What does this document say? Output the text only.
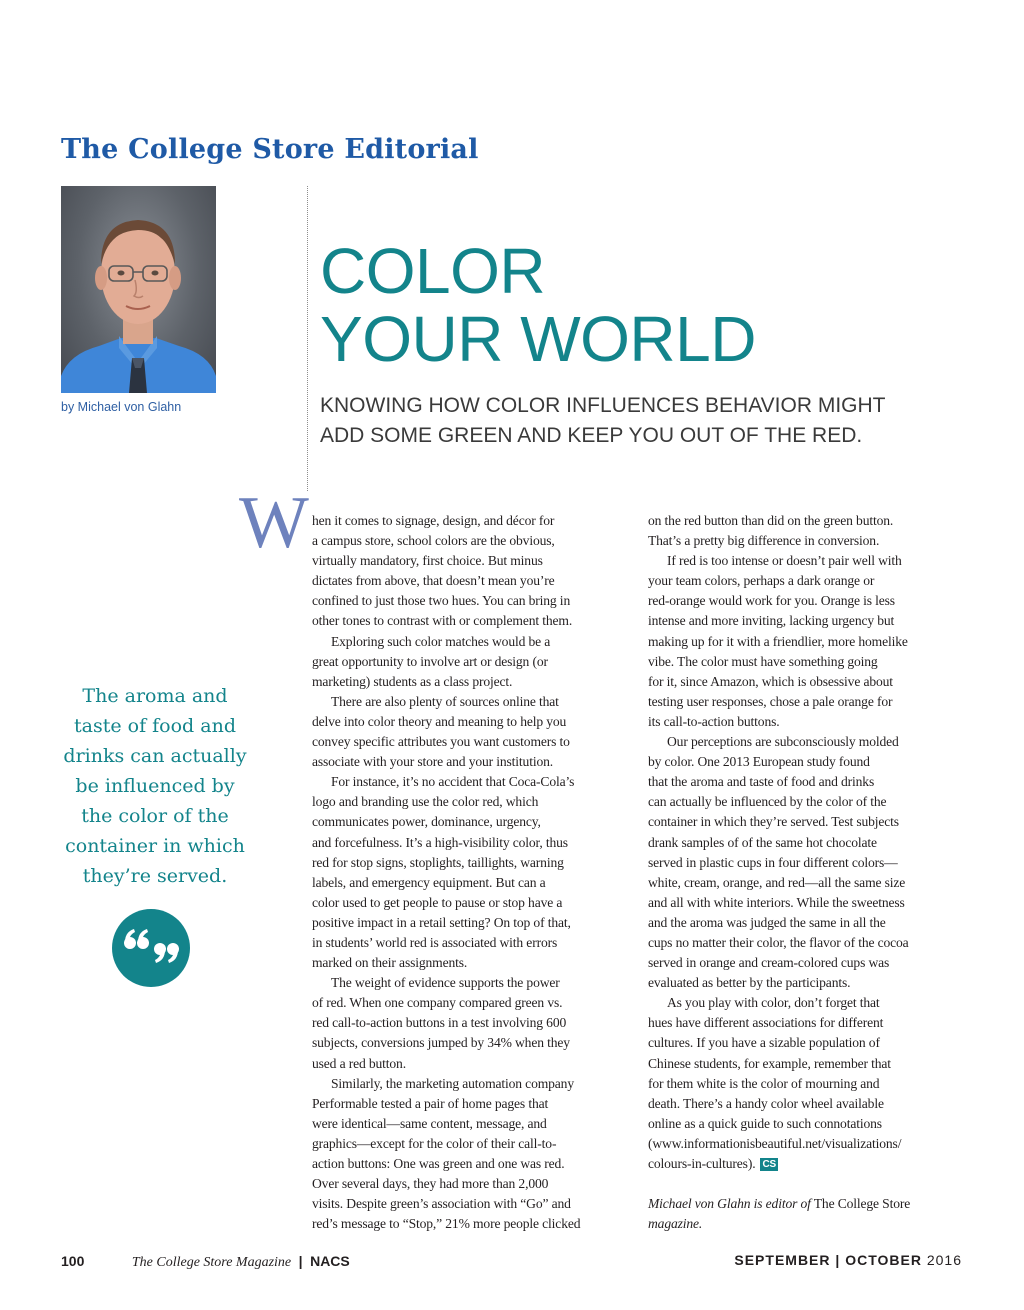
The College Store Editorial

by Michael von Glahn

COLOR
YOUR WORLD

KNOWING HOW COLOR INFLUENCES BEHAVIOR MIGHT
ADD SOME GREEN AND KEEP YOU OUT OF THE RED.

The aroma and
taste of food and
drinks can actually
be influenced by
the color of the
container in which
they’re served.
W hen it comes to signage, design, and décor for
a campus store, school colors are the obvious,
virtually mandatory, first choice. But minus
dictates from above, that doesn’t mean you’re
confined to just those two hues. You can bring in
other tones to contrast with or complement them.
Exploring such color matches would be a
great opportunity to involve art or design (or
marketing) students as a class project.
There are also plenty of sources online that
delve into color theory and meaning to help you
convey specific attributes you want customers to
associate with your store and your institution.
For instance, it’s no accident that Coca-Cola’s
logo and branding use the color red, which
communicates power, dominance, urgency,
and forcefulness. It’s a high-visibility color, thus
red for stop signs, stoplights, taillights, warning
labels, and emergency equipment. But can a
color used to get people to pause or stop have a
positive impact in a retail setting? On top of that,
in students’ world red is associated with errors
marked on their assignments.
The weight of evidence supports the power
of red. When one company compared green vs.
red call-to-action buttons in a test involving 600
subjects, conversions jumped by 34% when they
used a red button.
Similarly, the marketing automation company
Performable tested a pair of home pages that
were identical—same content, message, and
graphics—except for the color of their call-to-
action buttons: One was green and one was red.
Over several days, they had more than 2,000
visits. Despite green’s association with “Go” and
red’s message to “Stop,” 21% more people clicked
on the red button than did on the green button.
That’s a pretty big difference in conversion.
If red is too intense or doesn’t pair well with
your team colors, perhaps a dark orange or
red-orange would work for you. Orange is less
intense and more inviting, lacking urgency but
making up for it with a friendlier, more homelike
vibe. The color must have something going
for it, since Amazon, which is obsessive about
testing user responses, chose a pale orange for
its call-to-action buttons.
Our perceptions are subconsciously molded
by color. One 2013 European study found
that the aroma and taste of food and drinks
can actually be influenced by the color of the
container in which they’re served. Test subjects
drank samples of of the same hot chocolate
served in plastic cups in four different colors—
white, cream, orange, and red—all the same size
and all with white interiors. While the sweetness
and the aroma was judged the same in all the
cups no matter their color, the flavor of the cocoa
served in orange and cream-colored cups was
evaluated as better by the participants.
As you play with color, don’t forget that
hues have different associations for different
cultures. If you have a sizable population of
Chinese students, for example, remember that
for them white is the color of mourning and
death. There’s a handy color wheel available
online as a quick guide to such connotations
(www.informationisbeautiful.net/visualizations/
colours-in-cultures). CS
Michael von Glahn is editor of The College Store
magazine.
100	The College Store Magazine | NACS	SEPTEMBER | OCTOBER 2016
